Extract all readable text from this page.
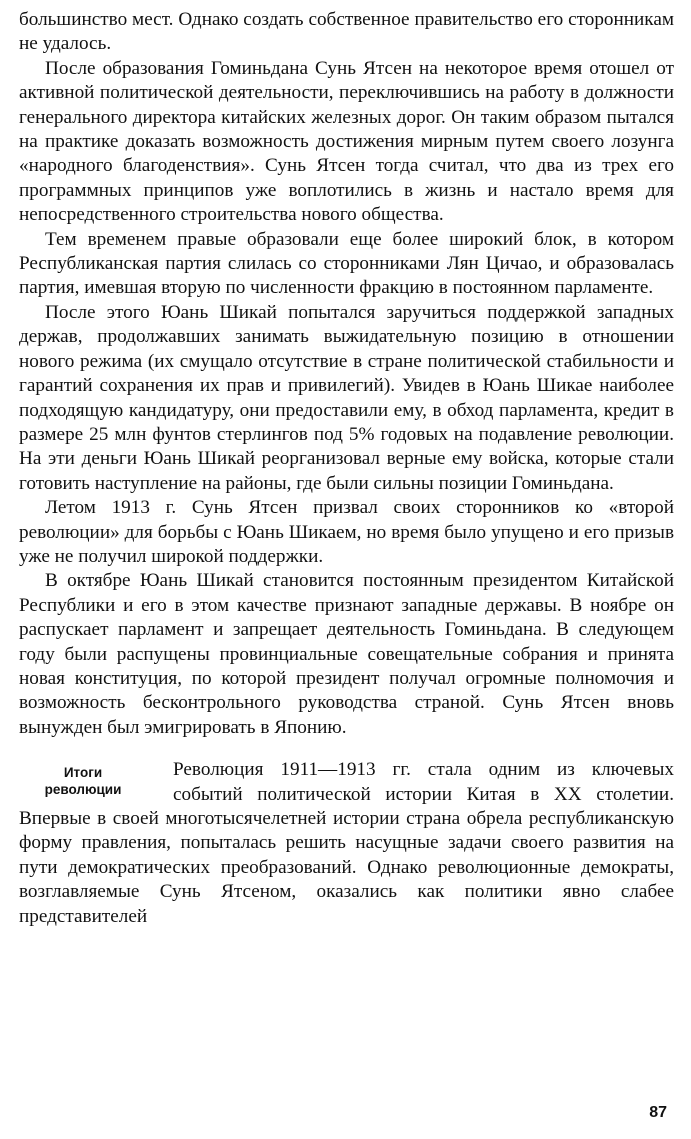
большинство мест. Однако создать собственное правительство его сторонникам не удалось.

После образования Гоминьдана Сунь Ятсен на некоторое время отошел от активной политической деятельности, переключившись на работу в должности генерального директора китайских железных дорог. Он таким образом пытался на практике доказать возможность достижения мирным путем своего лозунга «народного благоденствия». Сунь Ятсен тогда считал, что два из трех его программных принципов уже воплотились в жизнь и настало время для непосредственного строительства нового общества.

Тем временем правые образовали еще более широкий блок, в котором Республиканская партия слилась со сторонниками Лян Цичао, и образовалась партия, имевшая вторую по численности фракцию в постоянном парламенте.

После этого Юань Шикай попытался заручиться поддержкой западных держав, продолжавших занимать выжидательную позицию в отношении нового режима (их смущало отсутствие в стране политической стабильности и гарантий сохранения их прав и привилегий). Увидев в Юань Шикае наиболее подходящую кандидатуру, они предоставили ему, в обход парламента, кредит в размере 25 млн фунтов стерлингов под 5% годовых на подавление революции. На эти деньги Юань Шикай реорганизовал верные ему войска, которые стали готовить наступление на районы, где были сильны позиции Гоминьдана.

Летом 1913 г. Сунь Ятсен призвал своих сторонников ко «второй революции» для борьбы с Юань Шикаем, но время было упущено и его призыв уже не получил широкой поддержки.

В октябре Юань Шикай становится постоянным президентом Китайской Республики и его в этом качестве признают западные державы. В ноябре он распускает парламент и запрещает деятельность Гоминьдана. В следующем году были распущены провинциальные совещательные собрания и принята новая конституция, по которой президент получал огромные полномочия и возможность бесконтрольного руководства страной. Сунь Ятсен вновь вынужден был эмигрировать в Японию.

Итоги
революции

Революция 1911—1913 гг. стала одним из ключевых событий политической истории Китая в XX столетии. Впервые в своей многотысячелетней истории страна обрела республиканскую форму правления, попыталась решить насущные задачи своего развития на пути демократических преобразований. Однако революционные демократы, возглавляемые Сунь Ятсеном, оказались как политики явно слабее представителей

87
